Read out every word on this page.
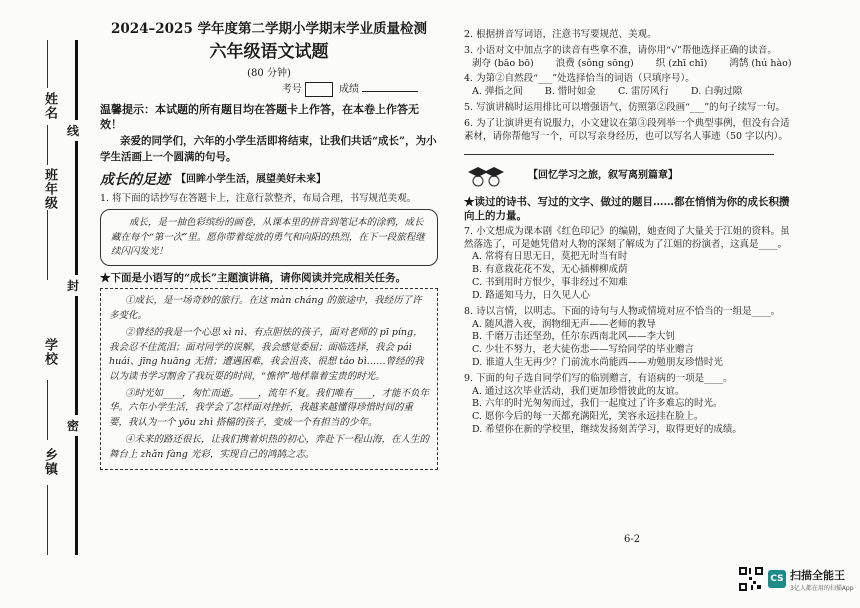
姓名
班
年级
学校
乡镇
线
封
密
2024–2025 学年度第二学期小学期末学业质量检测
六年级语文试题
(80 分钟)
考号	成绩
温馨提示：本试题的所有题目均在答题卡上作答，在本卷上作答无效！
亲爱的同学们，六年的小学生活即将结束，让我们共话“成长”，为小学生活画上一个圆满的句号。
成长的足迹 【回眸小学生活，展望美好未来】
1. 将下面的话抄写在答题卡上，注意行款整齐，布局合理，书写规范美观。
成长，是一抽色彩缤纷的画卷，从课本里的拼音到笔记本的涂鸦，成长藏在每个“第一次”里。愿你带着绽放的勇气和向阳的热烈，在下一段旅程继续闪闪发光！
★下面是小语写的“成长”主题演讲稿，请你阅读并完成相关任务。

①成长，是一场奇妙的旅行。在这 màn cháng 的旅途中，我经历了许多变化。

②曾经的我是一个心思 xì nì、有点胆怯的孩子，面对老师的 pī píng，我会忍不住流泪；面对同学的误解，我会感觉委屈；面临选择，我会 pái huái、jīng huāng 无措；遭遇困难，我会沮丧、很想 táo bì……曾经的我以为读书学习割舍了我玩耍的时间，“憔悴”地样靠着宝贵的时光。

③时光如____，匆忙而逝。____，流年不复。我们唯有____，才能不负年华。六年小学生活，我学会了怎样面对挫折，我越来越懂得珍惜时间的重要，我认为一个 yōu zhì 搭檔的孩子，变成一个有担当的少年。

④未来的路还很长，让我们携着炽热的初心，奔赴下一程山海，在人生的舞台上 zhǎn fàng 光彩，实现自己的鸿鹄之志。

2. 根据拼音写词语，注意书写要规范、美观。
3. 小语对文中加点字的读音有些拿不准，请你用“√”帮他选择正确的读音。
剥夺 (bāo bō) 浪费 (sǒng sōng) 织 (zhī chī) 鸿鹄 (hú hào)
4. 为第②自然段“___”处选择恰当的词语（只填序号）。
A. 弹指之间 B. 惜时如金 C. 雷厉风行 D. 白驹过隙
5. 写演讲稿时运用排比可以增强语气，仿照第②段画“___”的句子续写一句。
6. 为了让演讲更有说服力，小文建议在第③段列举一个典型事例，但没有合适素材，请你帮他写一个，可以写亲身经历，也可以写名人事迹（50 字以内）。
【回忆学习之旅，叙写离别篇章】
★读过的诗书、写过的文字、做过的题目……都在悄悄为你的成长积攒向上的力量。
7. 小文想成为课本剧《红色印记》的编剧，她查阅了大量关于江姐的资料。虽然落选了，可是她凭借对人物的深刻了解成为了江姐的扮演者，这真是____。
A. 常将有日思无日，莫把无时当有时
B. 有意栽花花不发，无心插柳柳成荫
C. 书到用时方恨少，事非经过不知难
D. 路遥知马力，日久见人心
8. 诗以言情，以明志。下面的诗句与人物或情境对应不恰当的一组是____。
A. 随风潜入夜，润物细无声——老师的教导
B. 千磨万击还坚劲，任尔东西南北风——李大钊
C. 少壮不努力，老大徒伤悲——写给同学的毕业赠言
D. 谁道人生无再少？门前流水尚能西——劝勉朋友珍惜时光
9. 下面的句子选自同学们写的临别赠言，有语病的一项是____。
A. 通过这次毕业活动，我们更加珍惜彼此的友谊。
B. 六年的时光匆匆而过，我们一起度过了许多难忘的时光。
C. 愿你今后的每一天都充满阳光，笑容永远挂在脸上。
D. 希望你在新的学校里，继续发扬刻苦学习，取得更好的成绩。
6-2
CS 扫描全能王
3亿人都在用的扫描App
